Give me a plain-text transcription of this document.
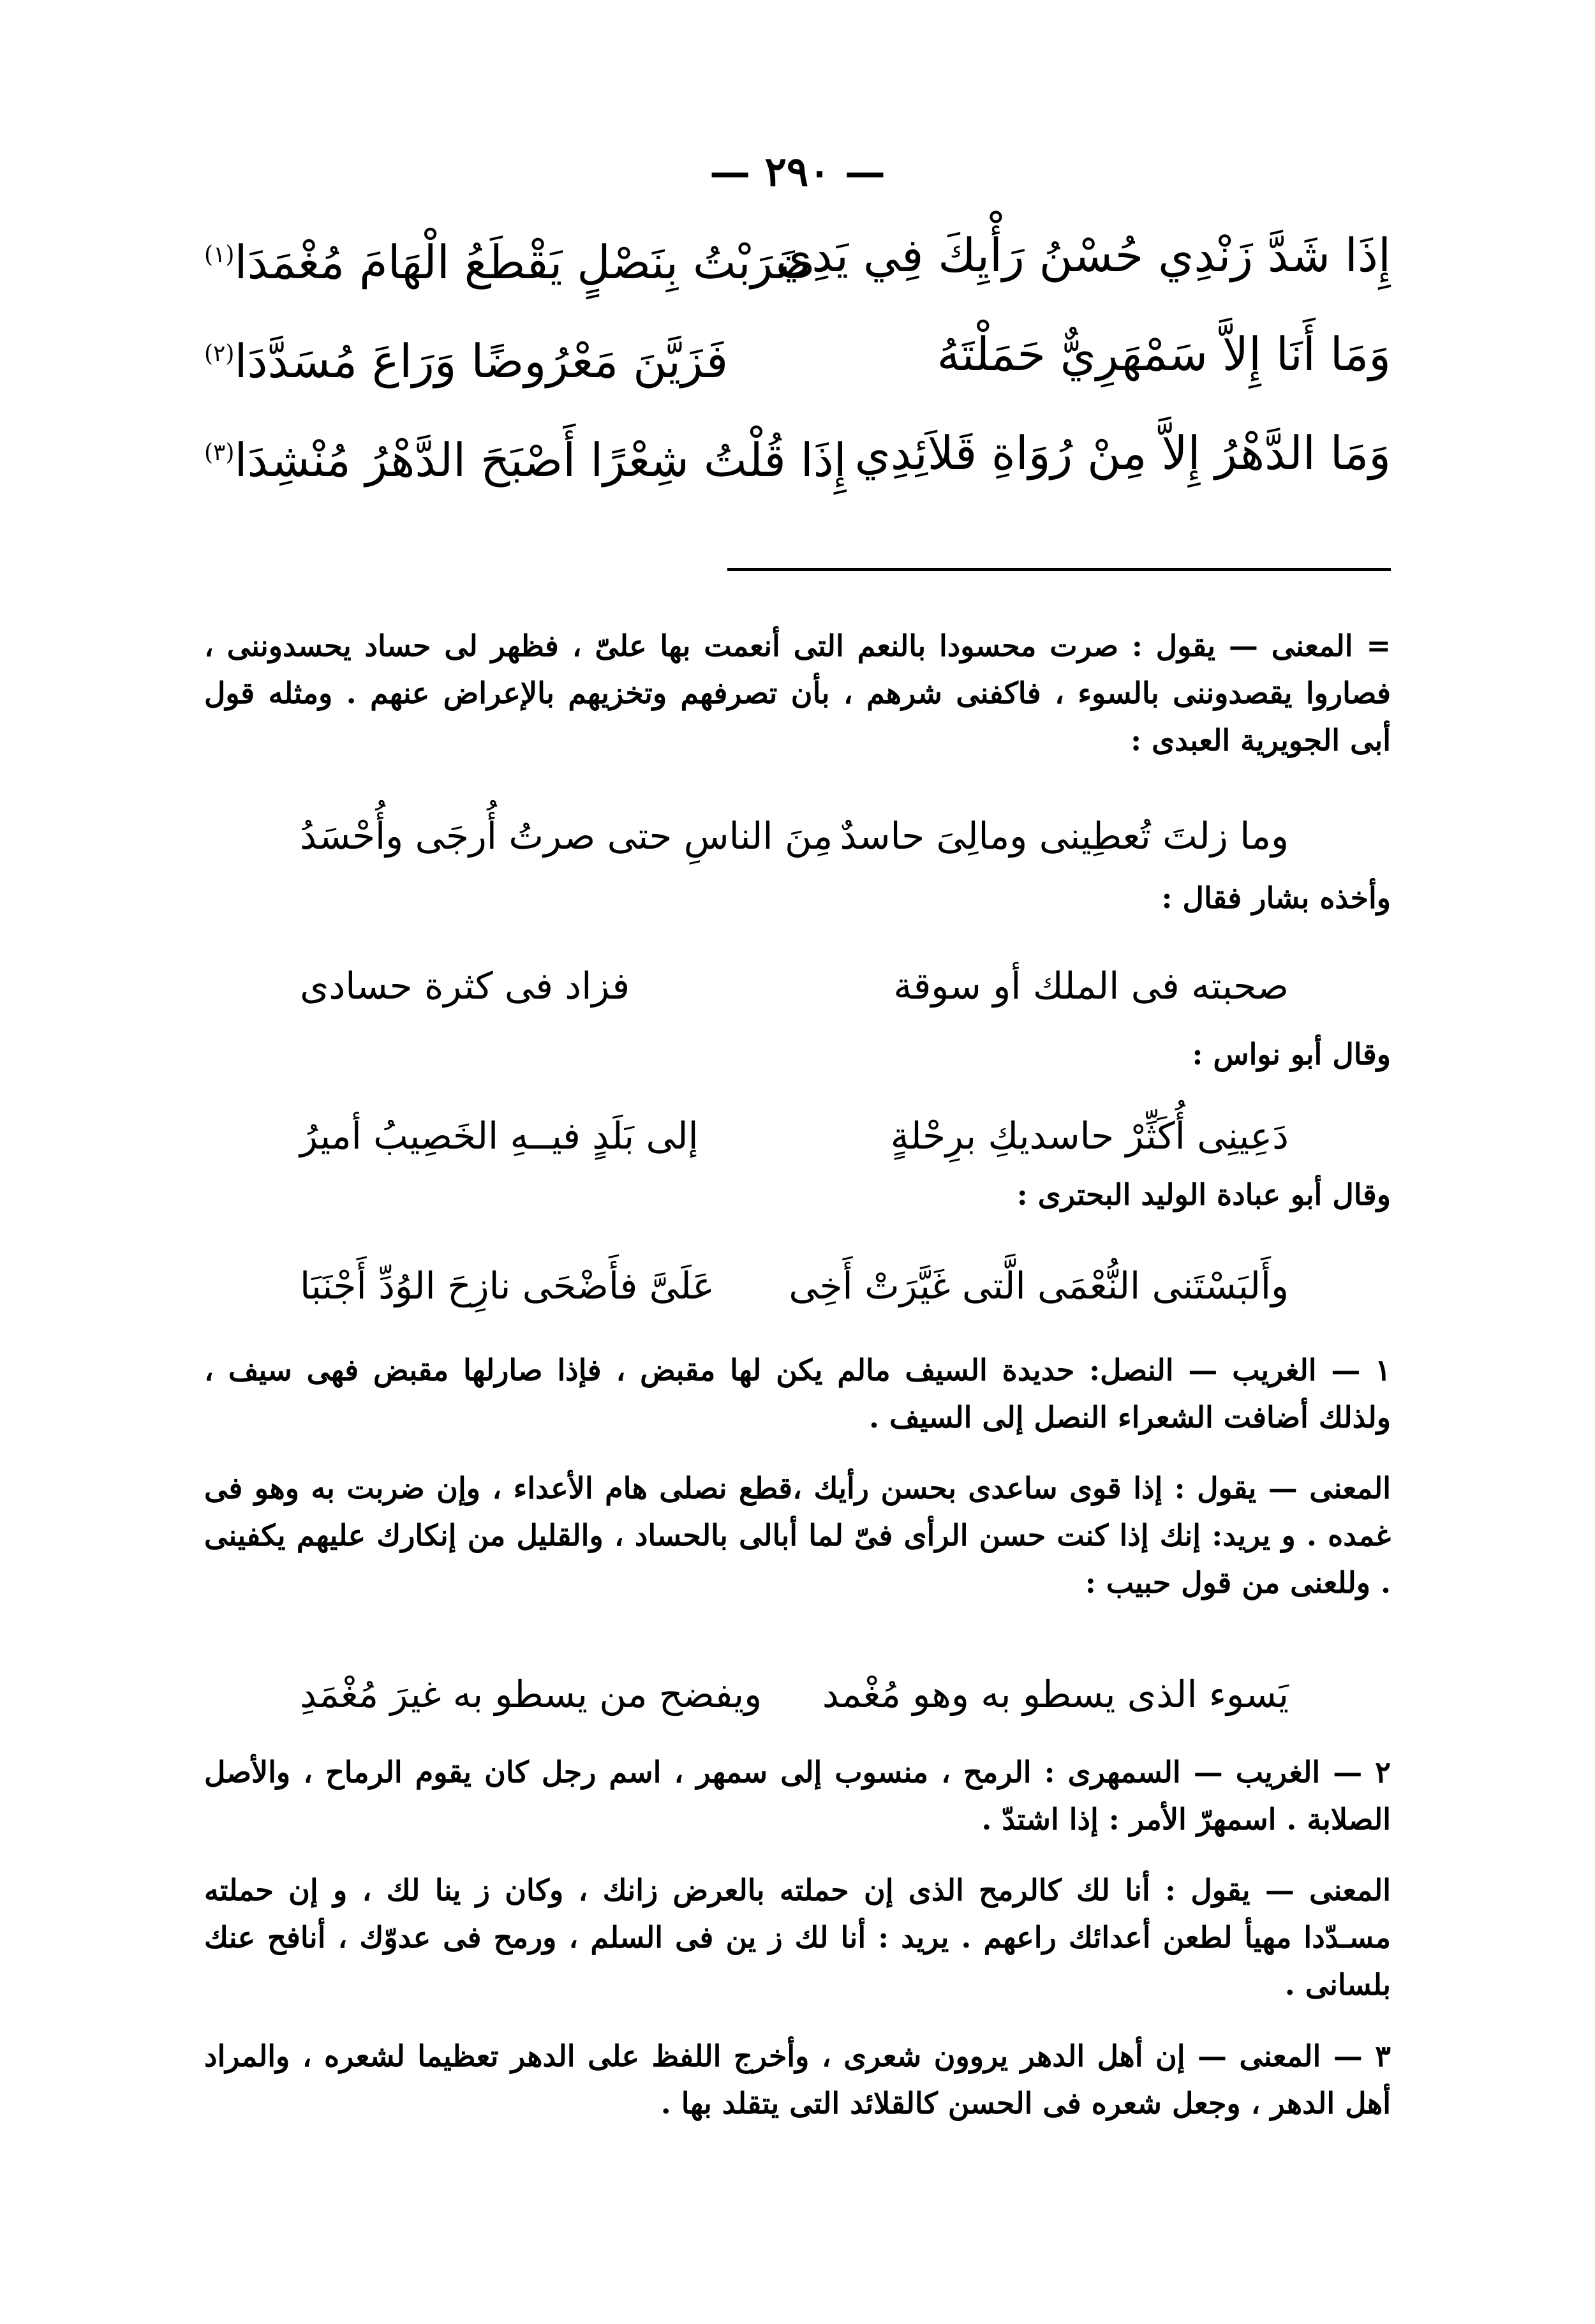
— ٢٩٠ —
إِذَا شَدَّ زَنْدِي حُسْنُ رَأْيِكَ فِي يَدِي
ضَرَبْتُ بِنَصْلٍ يَقْطَعُ الْهَامَ مُغْمَدَا$^{(١)}$
وَمَا أَنَا إِلاَّ سَمْهَرِيٌّ حَمَلْتَهُ
فَزَيَّنَ مَعْرُوضًا وَرَاعَ مُسَدَّدَا$^{(٢)}$
وَمَا الدَّهْرُ إِلاَّ مِنْ رُوَاةِ قَلاَئِدِي
إِذَا قُلْتُ شِعْرًا أَصْبَحَ الدَّهْرُ مُنْشِدَا$^{(٣)}$
= المعنى — يقول : صرت محسودا بالنعم التى أنعمت بها علىّ ، فظهر لى حساد يحسدوننى ، فصاروا يقصدوننى بالسوء ، فاكفنى شرهم ، بأن تصرفهم وتخزيهم بالإعراض عنهم . ومثله قول أبى الجويرية العبدى :
وما زلتَ تُعطِينى ومالِىَ حاسدٌ
مِنَ الناسِ حتى صرتُ أُرجَى وأُحْسَدُ
وأخذه بشار فقال :
صحبته فى الملك أو سوقة
فزاد فى كثرة حسادى
وقال أبو نواس :
دَعِينِى أُكَثِّرْ حاسديكِ برِحْلةٍ
إلى بَلَدٍ فيــهِ الخَصِيبُ أميرُ
وقال أبو عبادة الوليد البحترى :
وأَلبَسْتَنى النُّعْمَى الَّتى غَيَّرَتْ أَخِى
عَلَىَّ فأَضْحَى نازِحَ الوُدِّ أَجْنَبَا
١ — الغريب — النصل: حديدة السيف مالم يكن لها مقبض ، فإذا صارلها مقبض فهى سيف ، ولذلك أضافت الشعراء النصل إلى السيف .
المعنى — يقول : إذا قوى ساعدى بحسن رأيك ،قطع نصلى هام الأعداء ، وإن ضربت به وهو فى غمده . و يريد: إنك إذا كنت حسن الرأى فىّ لما أبالى بالحساد ، والقليل من إنكارك عليهم يكفينى . وللعنى من قول حبيب :
يَسوء الذى يسطو به وهو مُغْمد
ويفضح من يسطو به غيرَ مُغْمَدِ
٢ — الغريب — السمهرى : الرمح ، منسوب إلى سمهر ، اسم رجل كان يقوم الرماح ، والأصل الصلابة . اسمهرّ الأمر : إذا اشتدّ .
المعنى — يقول : أنا لك كالرمح الذى إن حملته بالعرض زانك ، وكان ز ينا لك ، و إن حملته مسـدّدا مهيأ لطعن أعدائك راعهم . يريد : أنا لك ز ين فى السلم ، ورمح فى عدوّك ، أنافح عنك بلسانى .
٣ — المعنى — إن أهل الدهر يروون شعرى ، وأخرج اللفظ على الدهر تعظيما لشعره ، والمراد أهل الدهر ، وجعل شعره فى الحسن كالقلائد التى يتقلد بها .
